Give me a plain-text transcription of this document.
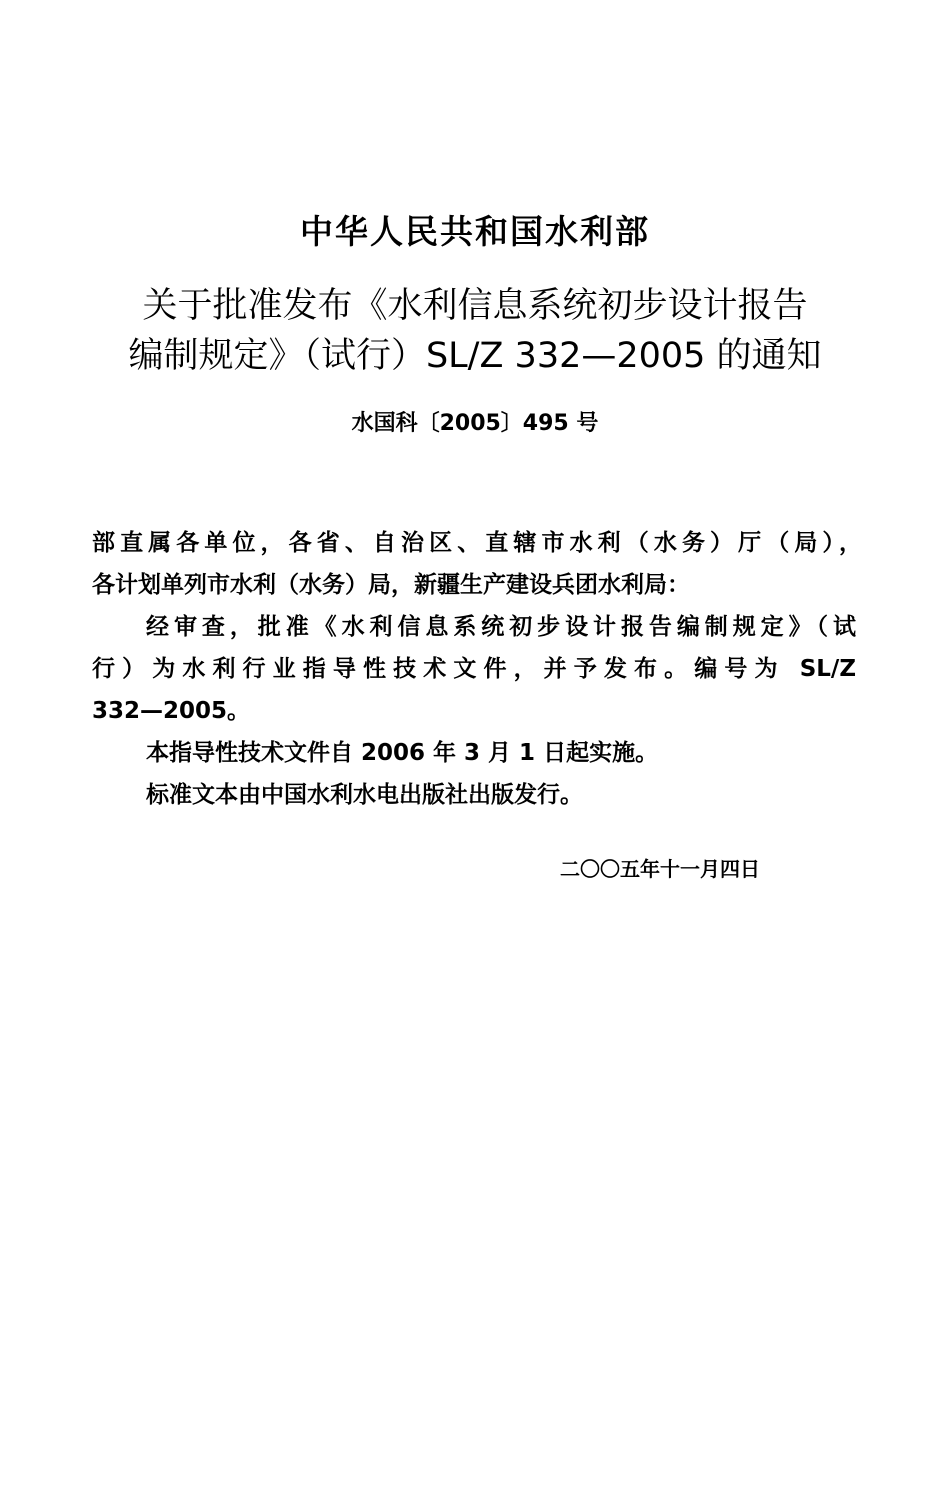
中华人民共和国水利部
关于批准发布《水利信息系统初步设计报告
编制规定》（试行）SL/Z 332—2005 的通知
水国科〔2005〕495 号
部直属各单位，各省、自治区、直辖市水利（水务）厅（局），
各计划单列市水利（水务）局，新疆生产建设兵团水利局：
经审查，批准《水利信息系统初步设计报告编制规定》（试
行）为水利行业指导性技术文件，并予发布。编号为 SL/Z
332—2005。
本指导性技术文件自 2006 年 3 月 1 日起实施。
标准文本由中国水利水电出版社出版发行。
二〇〇五年十一月四日
